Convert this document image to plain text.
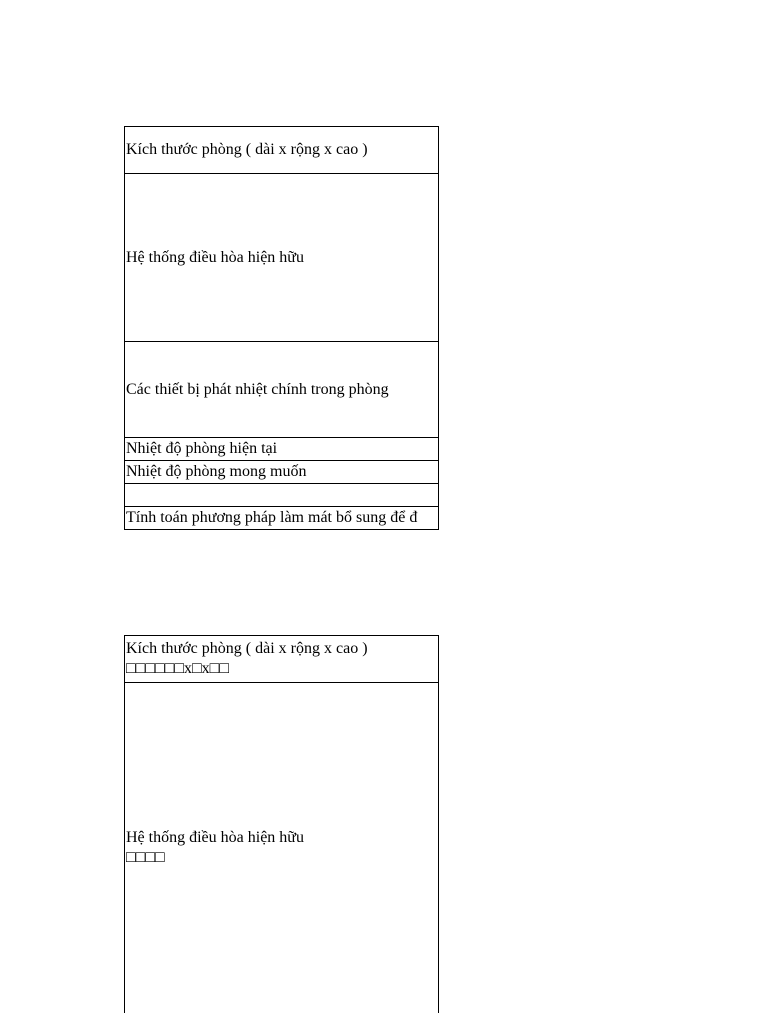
Kích thước phòng ( dài x rộng x cao )
Hệ thống điều hòa hiện hữu
Các thiết bị phát nhiệt chính trong phòng
Nhiệt độ phòng hiện tại
Nhiệt độ phòng mong muốn

Tính toán phương pháp làm mát bổ sung để đ
Kích thước phòng ( dài x rộng x cao )
□□□□□□x□x□□

Hệ thống điều hòa hiện hữu
□□□□
